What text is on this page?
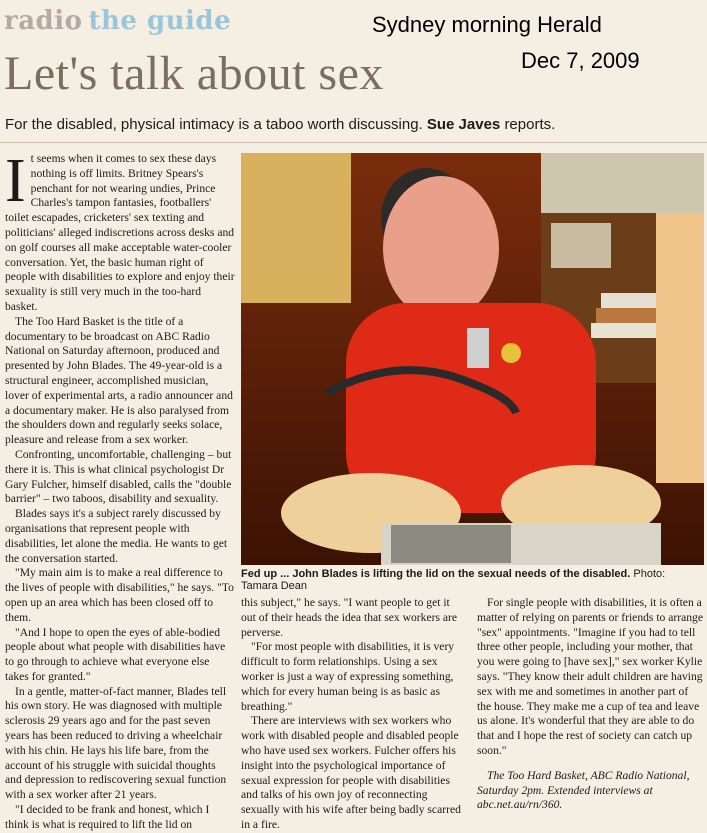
radio the guide	Sydney morning Herald
Dec 7, 2009
Let's talk about sex
For the disabled, physical intimacy is a taboo worth discussing. Sue Javes reports.

It seems when it comes to sex these days nothing is off limits. Britney Spears's penchant for not wearing undies, Prince Charles's tampon fantasies, footballers' toilet escapades, cricketers' sex texting and politicians' alleged indiscretions across desks and on golf courses all make acceptable water-cooler conversation. Yet, the basic human right of people with disabilities to explore and enjoy their sexuality is still very much in the too-hard basket.

The Too Hard Basket is the title of a documentary to be broadcast on ABC Radio National on Saturday afternoon, produced and presented by John Blades. The 49-year-old is a structural engineer, accomplished musician, lover of experimental arts, a radio announcer and a documentary maker. He is also paralysed from the shoulders down and regularly seeks solace, pleasure and release from a sex worker.

Confronting, uncomfortable, challenging – but there it is. This is what clinical psychologist Dr Gary Fulcher, himself disabled, calls the "double barrier" – two taboos, disability and sexuality.

Blades says it's a subject rarely discussed by organisations that represent people with disabilities, let alone the media. He wants to get the conversation started.

"My main aim is to make a real difference to the lives of people with disabilities," he says. "To open up an area which has been closed off to them.

"And I hope to open the eyes of able-bodied people about what people with disabilities have to go through to achieve what everyone else takes for granted."

In a gentle, matter-of-fact manner, Blades tell his own story. He was diagnosed with multiple sclerosis 29 years ago and for the past seven years has been reduced to driving a wheelchair with his chin. He lays his life bare, from the account of his struggle with suicidal thoughts and depression to rediscovering sexual function with a sex worker after 21 years.

"I decided to be frank and honest, which I think is what is required to lift the lid on

Fed up ... John Blades is lifting the lid on the sexual needs of the disabled. Photo: Tamara Dean

this subject," he says. "I want people to get it out of their heads the idea that sex workers are perverse.

"For most people with disabilities, it is very difficult to form relationships. Using a sex worker is just a way of expressing something, which for every human being is as basic as breathing."

There are interviews with sex workers who work with disabled people and disabled people who have used sex workers. Fulcher offers his insight into the psychological importance of sexual expression for people with disabilities and talks of his own joy of reconnecting sexually with his wife after being badly scarred in a fire.

For single people with disabilities, it is often a matter of relying on parents or friends to arrange "sex" appointments. "Imagine if you had to tell three other people, including your mother, that you were going to [have sex]," sex worker Kylie says. "They know their adult children are having sex with me and sometimes in another part of the house. They make me a cup of tea and leave us alone. It's wonderful that they are able to do that and I hope the rest of society can catch up soon."

The Too Hard Basket, ABC Radio National, Saturday 2pm. Extended interviews at abc.net.au/rn/360.
